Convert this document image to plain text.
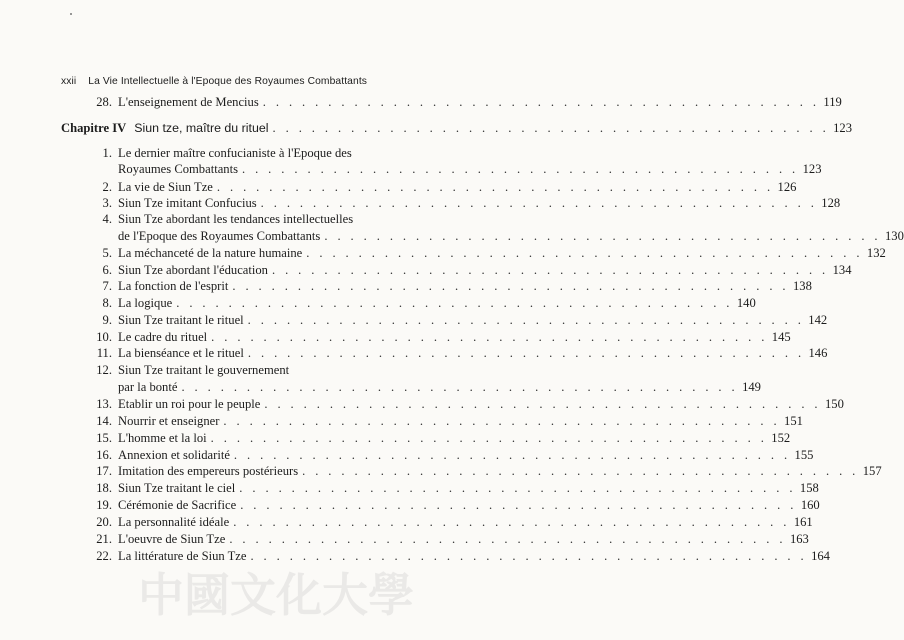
xxii La Vie Intellectuelle à l'Epoque des Royaumes Combattants
28. L'enseignement de Mencius . . . . . . . . . . . . . . . . . . . . . . . . . . . . . . . . . . . . . . . . . . . 119
Chapitre IV Siun tze, maître du rituel . . . . . . . . . . . . . . . . . . . . . . . . . . . . . . . . . . . . . . . . . . . 123
1. Le dernier maître confucianiste à l'Epoque des
Royaumes Combattants . . . . . . . . . . . . . . . . . . . . . . . . . . . . . . . . . . . . . . . . . . . 123
2. La vie de Siun Tze . . . . . . . . . . . . . . . . . . . . . . . . . . . . . . . . . . . . . . . . . . . 126
3. Siun Tze imitant Confucius . . . . . . . . . . . . . . . . . . . . . . . . . . . . . . . . . . . . . . . . . . . 128
4. Siun Tze abordant les tendances intellectuelles
de l'Epoque des Royaumes Combattants . . . . . . . . . . . . . . . . . . . . . . . . . . . . . . . . . . . . . . . . . . . 130
5. La méchanceté de la nature humaine . . . . . . . . . . . . . . . . . . . . . . . . . . . . . . . . . . . . . . . . . . . 132
6. Siun Tze abordant l'éducation . . . . . . . . . . . . . . . . . . . . . . . . . . . . . . . . . . . . . . . . . . . 134
7. La fonction de l'esprit . . . . . . . . . . . . . . . . . . . . . . . . . . . . . . . . . . . . . . . . . . . 138
8. La logique . . . . . . . . . . . . . . . . . . . . . . . . . . . . . . . . . . . . . . . . . . . 140
9. Siun Tze traitant le rituel . . . . . . . . . . . . . . . . . . . . . . . . . . . . . . . . . . . . . . . . . . . 142
10. Le cadre du rituel . . . . . . . . . . . . . . . . . . . . . . . . . . . . . . . . . . . . . . . . . . . 145
11. La bienséance et le rituel . . . . . . . . . . . . . . . . . . . . . . . . . . . . . . . . . . . . . . . . . . . 146
12. Siun Tze traitant le gouvernement
par la bonté . . . . . . . . . . . . . . . . . . . . . . . . . . . . . . . . . . . . . . . . . . . 149
13. Etablir un roi pour le peuple . . . . . . . . . . . . . . . . . . . . . . . . . . . . . . . . . . . . . . . . . . . 150
14. Nourrir et enseigner . . . . . . . . . . . . . . . . . . . . . . . . . . . . . . . . . . . . . . . . . . . 151
15. L'homme et la loi . . . . . . . . . . . . . . . . . . . . . . . . . . . . . . . . . . . . . . . . . . . 152
16. Annexion et solidarité . . . . . . . . . . . . . . . . . . . . . . . . . . . . . . . . . . . . . . . . . . . 155
17. Imitation des empereurs postérieurs . . . . . . . . . . . . . . . . . . . . . . . . . . . . . . . . . . . . . . . . . . . 157
18. Siun Tze traitant le ciel . . . . . . . . . . . . . . . . . . . . . . . . . . . . . . . . . . . . . . . . . . . 158
19. Cérémonie de Sacrifice . . . . . . . . . . . . . . . . . . . . . . . . . . . . . . . . . . . . . . . . . . . 160
20. La personnalité idéale . . . . . . . . . . . . . . . . . . . . . . . . . . . . . . . . . . . . . . . . . . . 161
21. L'oeuvre de Siun Tze . . . . . . . . . . . . . . . . . . . . . . . . . . . . . . . . . . . . . . . . . . . 163
22. La littérature de Siun Tze . . . . . . . . . . . . . . . . . . . . . . . . . . . . . . . . . . . . . . . . . . . 164
中國文化大學
